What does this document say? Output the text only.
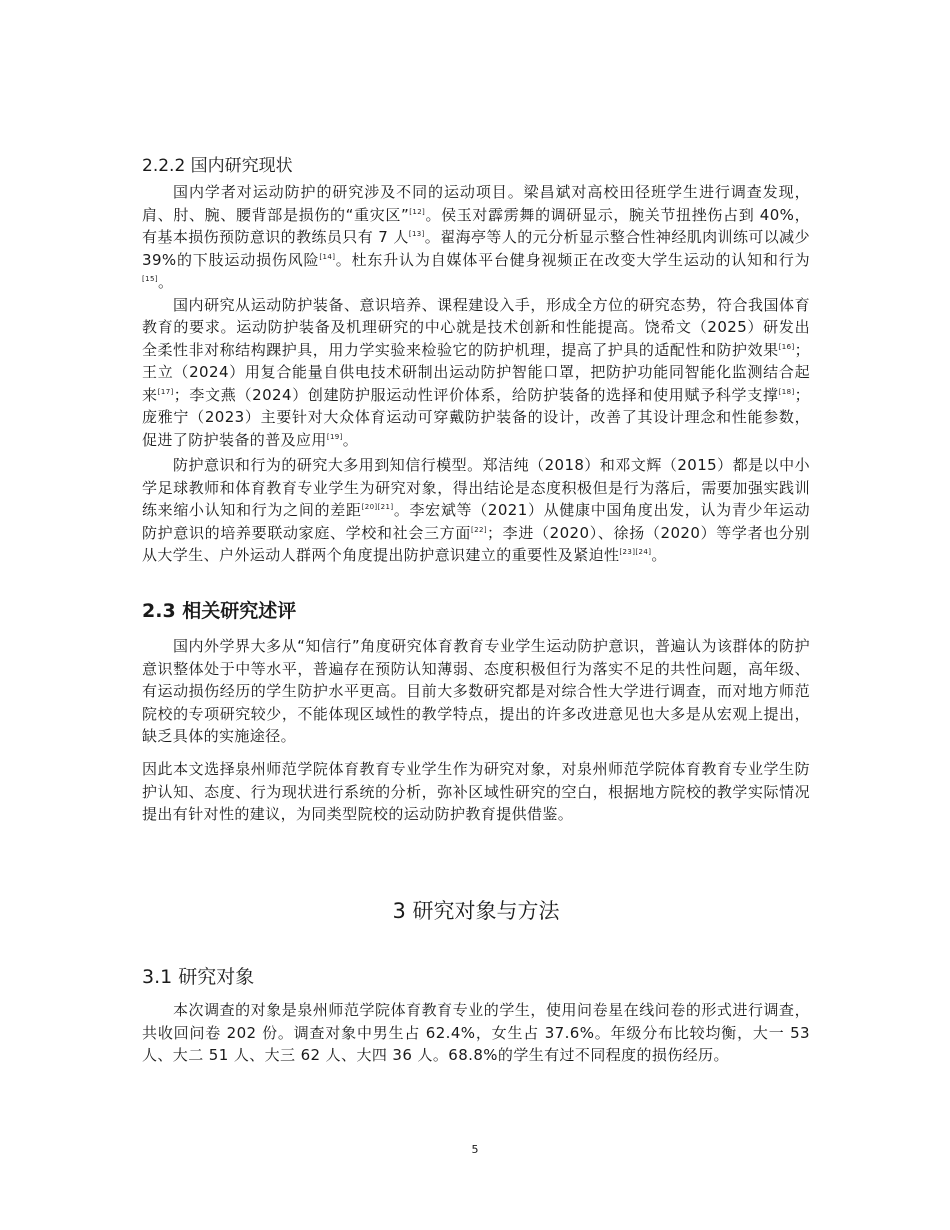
2.2.2 国内研究现状

国内学者对运动防护的研究涉及不同的运动项目。梁昌斌对高校田径班学生进行调查发现，肩、肘、腕、腰背部是损伤的“重灾区”[12]。侯玉对霹雳舞的调研显示，腕关节扭挫伤占到 40%，有基本损伤预防意识的教练员只有 7 人[13]。翟海亭等人的元分析显示整合性神经肌肉训练可以减少 39%的下肢运动损伤风险[14]。杜东升认为自媒体平台健身视频正在改变大学生运动的认知和行为[15]。

国内研究从运动防护装备、意识培养、课程建设入手，形成全方位的研究态势，符合我国体育教育的要求。运动防护装备及机理研究的中心就是技术创新和性能提高。饶希文（2025）研发出全柔性非对称结构踝护具，用力学实验来检验它的防护机理，提高了护具的适配性和防护效果[16]；王立（2024）用复合能量自供电技术研制出运动防护智能口罩，把防护功能同智能化监测结合起来[17]；李文燕（2024）创建防护服运动性评价体系，给防护装备的选择和使用赋予科学支撑[18]；庞雅宁（2023）主要针对大众体育运动可穿戴防护装备的设计，改善了其设计理念和性能参数，促进了防护装备的普及应用[19]。

防护意识和行为的研究大多用到知信行模型。郑洁纯（2018）和邓文辉（2015）都是以中小学足球教师和体育教育专业学生为研究对象，得出结论是态度积极但是行为落后，需要加强实践训练来缩小认知和行为之间的差距[20][21]。李宏斌等（2021）从健康中国角度出发，认为青少年运动防护意识的培养要联动家庭、学校和社会三方面[22]；李进（2020）、徐扬（2020）等学者也分别从大学生、户外运动人群两个角度提出防护意识建立的重要性及紧迫性[23][24]。

2.3 相关研究述评

国内外学界大多从“知信行”角度研究体育教育专业学生运动防护意识，普遍认为该群体的防护意识整体处于中等水平，普遍存在预防认知薄弱、态度积极但行为落实不足的共性问题，高年级、有运动损伤经历的学生防护水平更高。目前大多数研究都是对综合性大学进行调查，而对地方师范院校的专项研究较少，不能体现区域性的教学特点，提出的许多改进意见也大多是从宏观上提出，缺乏具体的实施途径。

因此本文选择泉州师范学院体育教育专业学生作为研究对象，对泉州师范学院体育教育专业学生防护认知、态度、行为现状进行系统的分析，弥补区域性研究的空白，根据地方院校的教学实际情况提出有针对性的建议，为同类型院校的运动防护教育提供借鉴。

3 研究对象与方法
3.1 研究对象

本次调查的对象是泉州师范学院体育教育专业的学生，使用问卷星在线问卷的形式进行调查，共收回问卷 202 份。调查对象中男生占 62.4%，女生占 37.6%。年级分布比较均衡，大一 53 人、大二 51 人、大三 62 人、大四 36 人。68.8%的学生有过不同程度的损伤经历。

5
